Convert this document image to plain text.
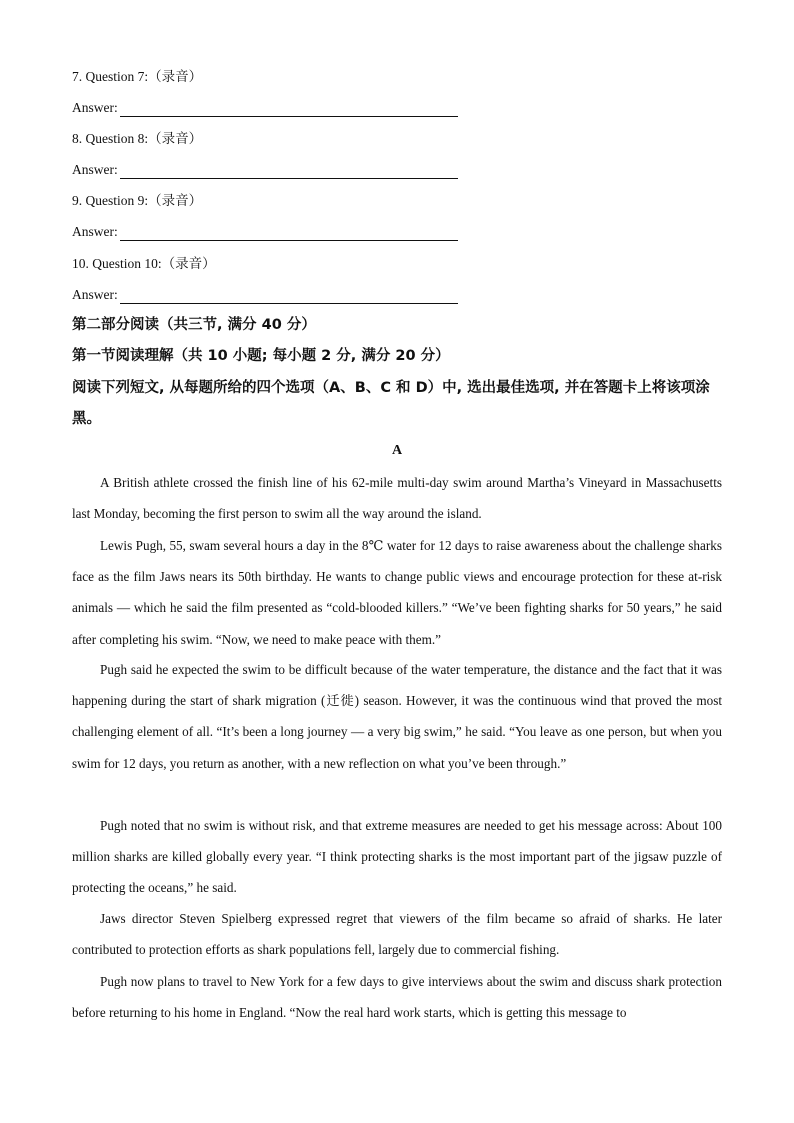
7. Question 7:（录音）
Answer:
8. Question 8:（录音）
Answer:
9. Question 9:（录音）
Answer:
10. Question 10:（录音）
Answer:
第二部分阅读（共三节, 满分 40 分）
第一节阅读理解（共 10 小题; 每小题 2 分, 满分 20 分）
阅读下列短文, 从每题所给的四个选项（A、B、C 和 D）中, 选出最佳选项, 并在答题卡上将该项涂黑。
A
A British athlete crossed the finish line of his 62-mile multi-day swim around Martha’s Vineyard in Massachusetts last Monday, becoming the first person to swim all the way around the island.
Lewis Pugh, 55, swam several hours a day in the 8℃ water for 12 days to raise awareness about the challenge sharks face as the film Jaws nears its 50th birthday. He wants to change public views and encourage protection for these at-risk animals — which he said the film presented as “cold-blooded killers.” “We’ve been fighting sharks for 50 years,” he said after completing his swim. “Now, we need to make peace with them.”
Pugh said he expected the swim to be difficult because of the water temperature, the distance and the fact that it was happening during the start of shark migration (迁徙) season. However, it was the continuous wind that proved the most challenging element of all. “It’s been a long journey — a very big swim,” he said. “You leave as one person, but when you swim for 12 days, you return as another, with a new reflection on what you’ve been through.”
Pugh noted that no swim is without risk, and that extreme measures are needed to get his message across: About 100 million sharks are killed globally every year. “I think protecting sharks is the most important part of the jigsaw puzzle of protecting the oceans,” he said.
Jaws director Steven Spielberg expressed regret that viewers of the film became so afraid of sharks. He later contributed to protection efforts as shark populations fell, largely due to commercial fishing.
Pugh now plans to travel to New York for a few days to give interviews about the swim and discuss shark protection before returning to his home in England. “Now the real hard work starts, which is getting this message to
